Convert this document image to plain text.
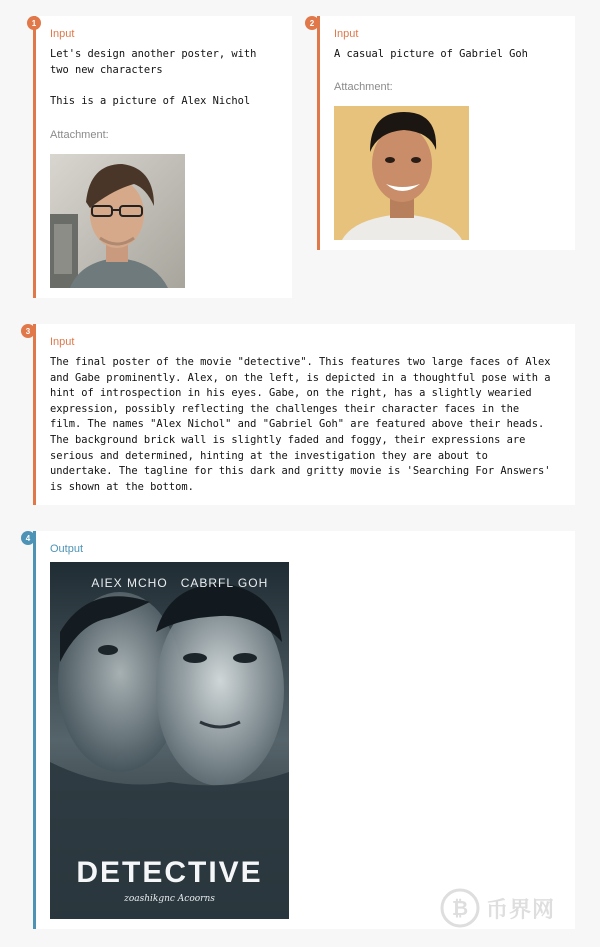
1
Input
Let's design another poster, with
two new characters

This is a picture of Alex Nichol
Attachment:
2
Input
A casual picture of Gabriel Goh
Attachment:
3
Input
The final poster of the movie "detective". This features two large faces of Alex
and Gabe prominently. Alex, on the left, is depicted in a thoughtful pose with a
hint of introspection in his eyes. Gabe, on the right, has a slightly wearied
expression, possibly reflecting the challenges their character faces in the
film. The names "Alex Nichol" and "Gabriel Goh" are featured above their heads.
The background brick wall is slightly faded and foggy, their expressions are
serious and determined, hinting at the investigation they are about to
undertake. The tagline for this dark and gritty movie is 'Searching For Answers'
is shown at the bottom.
4
Output
AIEX MCHO	CABRFL GOH
DETECTIVE
zoashikgnc Acoorns	₿ 币界网
